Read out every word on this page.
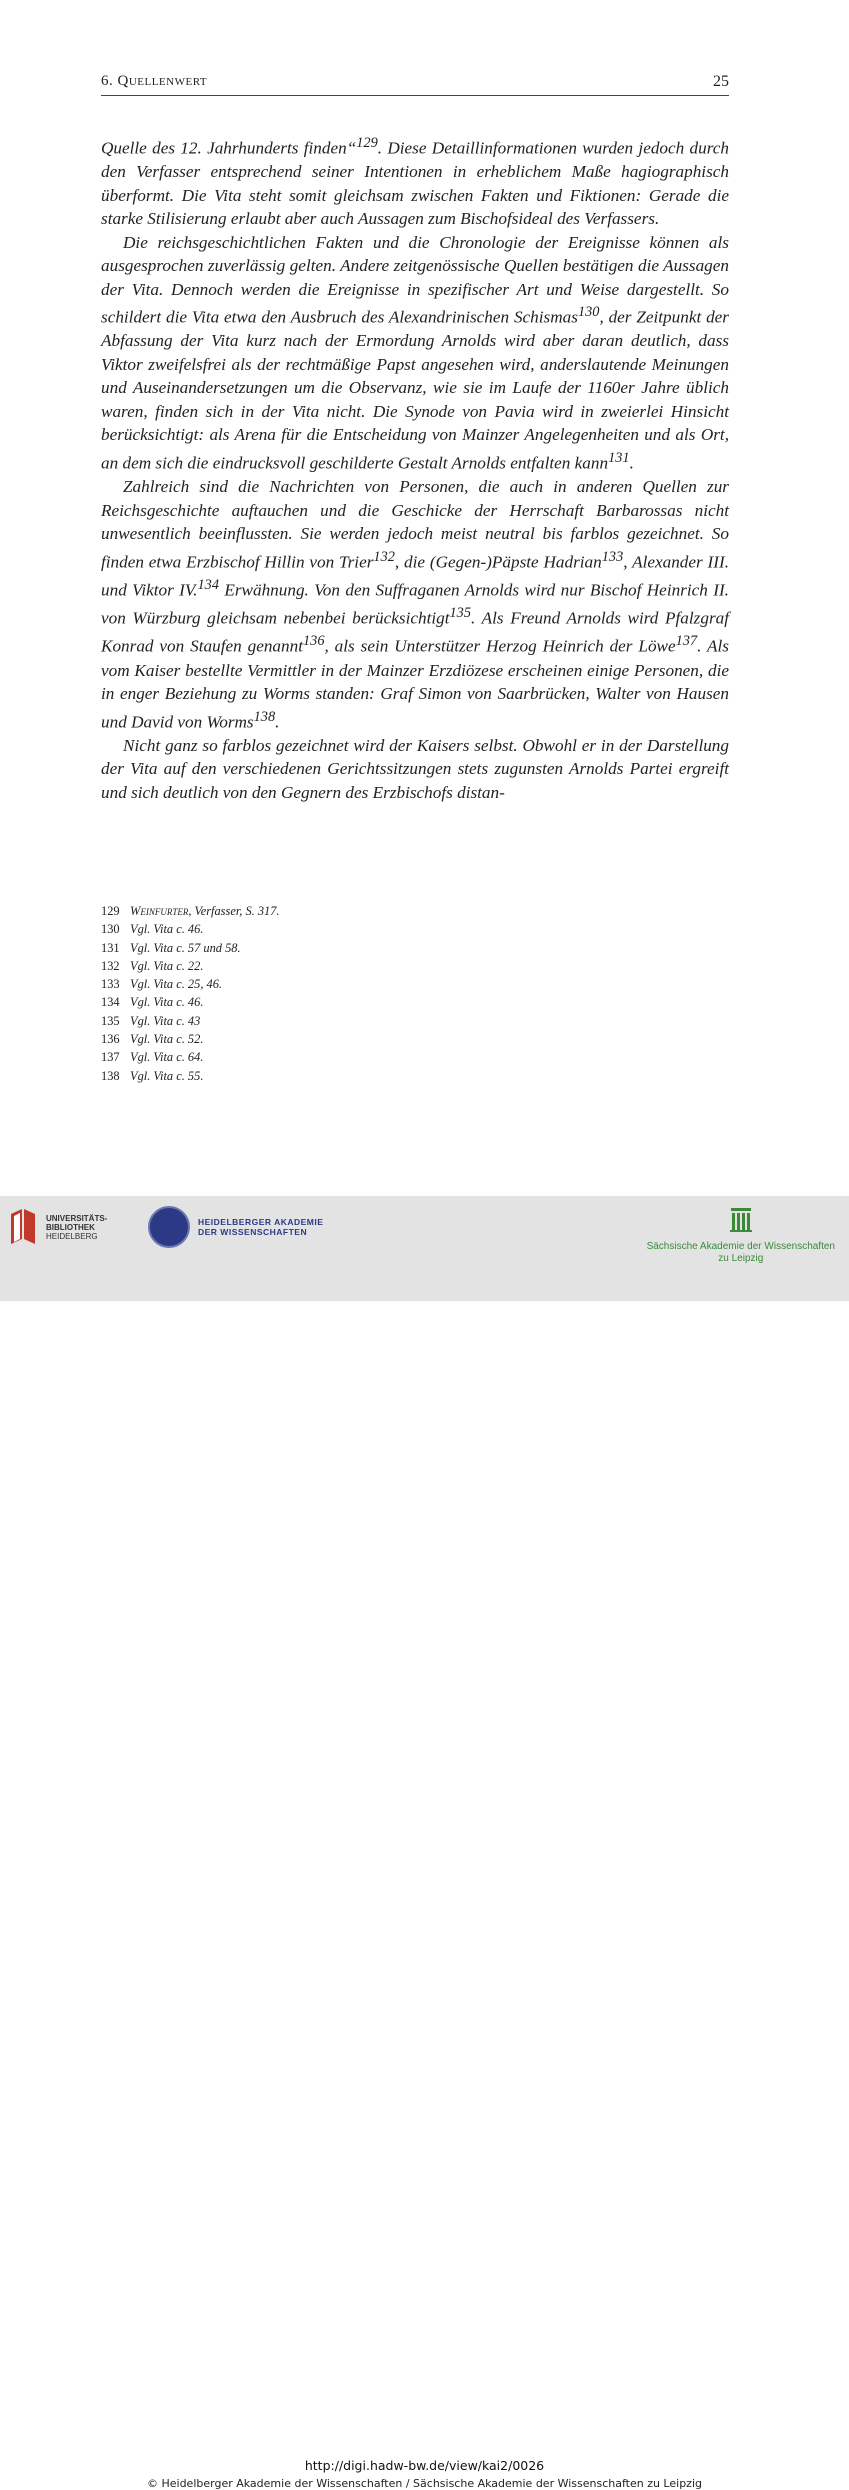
6. Quellenwert	25

Quelle des 12. Jahrhunderts finden“$^{129}$. Diese Detaillinformationen wurden jedoch durch den Verfasser entsprechend seiner Intentionen in erheblichem Maße hagiographisch überformt. Die Vita steht somit gleichsam zwischen Fakten und Fiktionen: Gerade die starke Stilisierung erlaubt aber auch Aussagen zum Bischofsideal des Verfassers.

Die reichsgeschichtlichen Fakten und die Chronologie der Ereignisse können als ausgesprochen zuverlässig gelten. Andere zeitgenössische Quellen bestätigen die Aussagen der Vita. Dennoch werden die Ereignisse in spezifischer Art und Weise dargestellt. So schildert die Vita etwa den Ausbruch des Alexandrinischen Schismas$^{130}$, der Zeitpunkt der Abfassung der Vita kurz nach der Ermordung Arnolds wird aber daran deutlich, dass Viktor zweifelsfrei als der rechtmäßige Papst angesehen wird, anderslautende Meinungen und Auseinandersetzungen um die Observanz, wie sie im Laufe der 1160er Jahre üblich waren, finden sich in der Vita nicht. Die Synode von Pavia wird in zweierlei Hinsicht berücksichtigt: als Arena für die Entscheidung von Mainzer Angelegenheiten und als Ort, an dem sich die eindrucksvoll geschilderte Gestalt Arnolds entfalten kann$^{131}$.

Zahlreich sind die Nachrichten von Personen, die auch in anderen Quellen zur Reichsgeschichte auftauchen und die Geschicke der Herrschaft Barbarossas nicht unwesentlich beeinflussten. Sie werden jedoch meist neutral bis farblos gezeichnet. So finden etwa Erzbischof Hillin von Trier$^{132}$, die (Gegen-)Päpste Hadrian$^{133}$, Alexander III. und Viktor IV.$^{134}$ Erwähnung. Von den Suffraganen Arnolds wird nur Bischof Heinrich II. von Würzburg gleichsam nebenbei berücksichtigt$^{135}$. Als Freund Arnolds wird Pfalzgraf Konrad von Staufen genannt$^{136}$, als sein Unterstützer Herzog Heinrich der Löwe$^{137}$. Als vom Kaiser bestellte Vermittler in der Mainzer Erzdiözese erscheinen einige Personen, die in enger Beziehung zu Worms standen: Graf Simon von Saarbrücken, Walter von Hausen und David von Worms$^{138}$.

Nicht ganz so farblos gezeichnet wird der Kaisers selbst. Obwohl er in der Darstellung der Vita auf den verschiedenen Gerichtssitzungen stets zugunsten Arnolds Partei ergreift und sich deutlich von den Gegnern des Erzbischofs distan-

129 Weinfurter, Verfasser, S. 317.
130 Vgl. Vita c. 46.
131 Vgl. Vita c. 57 und 58.
132 Vgl. Vita c. 22.
133 Vgl. Vita c. 25, 46.
134 Vgl. Vita c. 46.
135 Vgl. Vita c. 43
136 Vgl. Vita c. 52.
137 Vgl. Vita c. 64.
138 Vgl. Vita c. 55.
UNIVERSITÄTS-
BIBLIOTHEK
HEIDELBERG
HEIDELBERGER AKADEMIE
DER WISSENSCHAFTEN
Sächsische Akademie der Wissenschaften
zu Leipzig
http://digi.hadw-bw.de/view/kai2/0026
© Heidelberger Akademie der Wissenschaften / Sächsische Akademie der Wissenschaften zu Leipzig
